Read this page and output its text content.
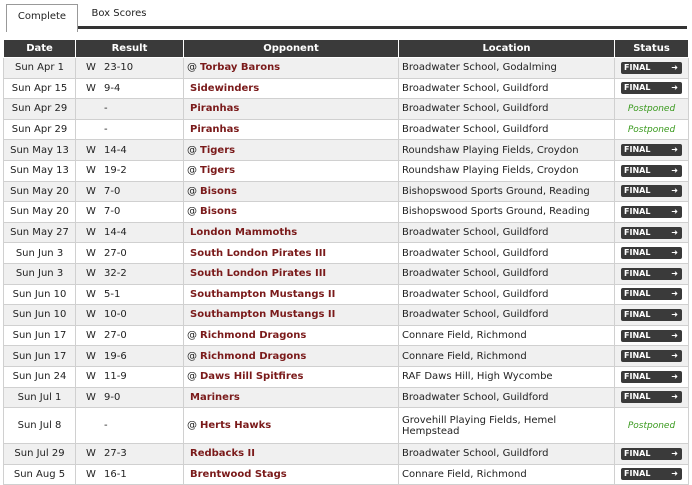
Complete	Box Scores
Date	Result	Opponent	Location	Status
Sun Apr 1	W 23-10	@ Torbay Barons	Broadwater School, Godalming	FINAL ➜

Sun Apr 15	W 9-4	Sidewinders	Broadwater School, Guildford	FINAL ➜

Sun Apr 29	-	Piranhas	Broadwater School, Guildford	Postponed
Sun Apr 29	-	Piranhas	Broadwater School, Guildford	Postponed
Sun May 13	W 14-4	@ Tigers	Roundshaw Playing Fields, Croydon	FINAL ➜

Sun May 13	W 19-2	@ Tigers	Roundshaw Playing Fields, Croydon	FINAL ➜

Sun May 20	W 7-0	@ Bisons	Bishopswood Sports Ground, Reading	FINAL ➜

Sun May 20	W 7-0	@ Bisons	Bishopswood Sports Ground, Reading	FINAL ➜

Sun May 27	W 14-4	London Mammoths	Broadwater School, Guildford	FINAL ➜

Sun Jun 3	W 27-0	South London Pirates III	Broadwater School, Guildford	FINAL ➜

Sun Jun 3	W 32-2	South London Pirates III	Broadwater School, Guildford	FINAL ➜

Sun Jun 10	W 5-1	Southampton Mustangs II	Broadwater School, Guildford	FINAL ➜

Sun Jun 10	W 10-0	Southampton Mustangs II	Broadwater School, Guildford	FINAL ➜

Sun Jun 17	W 27-0	@ Richmond Dragons	Connare Field, Richmond	FINAL ➜

Sun Jun 17	W 19-6	@ Richmond Dragons	Connare Field, Richmond	FINAL ➜

Sun Jun 24	W 11-9	@ Daws Hill Spitfires	RAF Daws Hill, High Wycombe	FINAL ➜

Sun Jul 1	W 9-0	Mariners	Broadwater School, Guildford	FINAL ➜

Sun Jul 8	-	@ Herts Hawks	Grovehill Playing Fields, Hemel Hempstead	Postponed
Sun Jul 29	W 27-3	Redbacks II	Broadwater School, Guildford	FINAL ➜

Sun Aug 5	W 16-1	Brentwood Stags	Connare Field, Richmond	FINAL ➜
